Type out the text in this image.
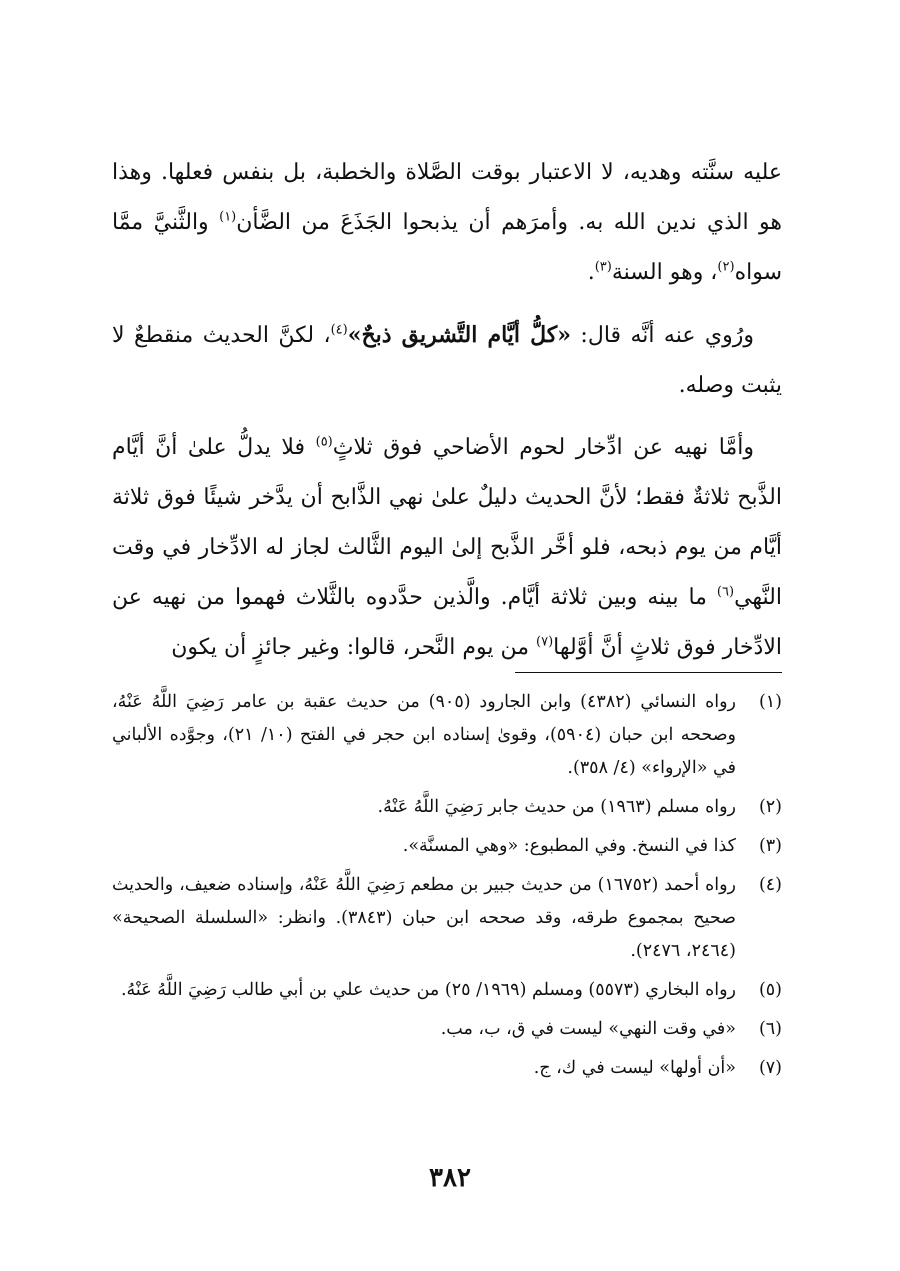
عليه سنَّته وهديه، لا الاعتبار بوقت الصَّلاة والخطبة، بل بنفس فعلها. وهذا هو الذي ندين الله به. وأمرَهم أن يذبحوا الجَذَعَ من الضَّأن$^{(١)}$ والثَّنيَّ ممَّا سواه$^{(٢)}$، وهو السنة$^{(٣)}$.

ورُوي عنه أنَّه قال: «كلُّ أيَّام التَّشريق ذبحٌ»$^{(٤)}$، لكنَّ الحديث منقطعٌ لا يثبت وصله.

وأمَّا نهيه عن ادِّخار لحوم الأضاحي فوق ثلاثٍ$^{(٥)}$ فلا يدلُّ علىٰ أنَّ أيَّام الذَّبح ثلاثةٌ فقط؛ لأنَّ الحديث دليلٌ علىٰ نهي الذَّابح أن يدَّخر شيئًا فوق ثلاثة أيَّام من يوم ذبحه، فلو أخَّر الذَّبح إلىٰ اليوم الثَّالث لجاز له الادِّخار في وقت النَّهي$^{(٦)}$ ما بينه وبين ثلاثة أيَّام. والَّذين حدَّدوه بالثَّلاث فهموا من نهيه عن الادِّخار فوق ثلاثٍ أنَّ أوَّلها$^{(٧)}$ من يوم النَّحر، قالوا: وغير جائزٍ أن يكون

(١)
رواه النسائي (٤٣٨٢) وابن الجارود (٩٠٥) من حديث عقبة بن عامر رَضِيَ اللَّهُ عَنْهُ، وصححه ابن حبان (٥٩٠٤)، وقوىٰ إسناده ابن حجر في الفتح (١٠/ ٢١)، وجوَّده الألباني في «الإرواء» (٤/ ٣٥٨).
(٢)
رواه مسلم (١٩٦٣) من حديث جابر رَضِيَ اللَّهُ عَنْهُ.
(٣)
كذا في النسخ. وفي المطبوع: «وهي المسنَّة».
(٤)
رواه أحمد (١٦٧٥٢) من حديث جبير بن مطعم رَضِيَ اللَّهُ عَنْهُ، وإسناده ضعيف، والحديث صحيح بمجموع طرقه، وقد صححه ابن حبان (٣٨٤٣). وانظر: «السلسلة الصحيحة» (٢٤٦٤، ٢٤٧٦).
(٥)
رواه البخاري (٥٥٧٣) ومسلم (١٩٦٩/ ٢٥) من حديث علي بن أبي طالب رَضِيَ اللَّهُ عَنْهُ.
(٦)
«في وقت النهي» ليست في ق، ب، مب.
(٧)
«أن أولها» ليست في ك، ج.
٣٨٢
